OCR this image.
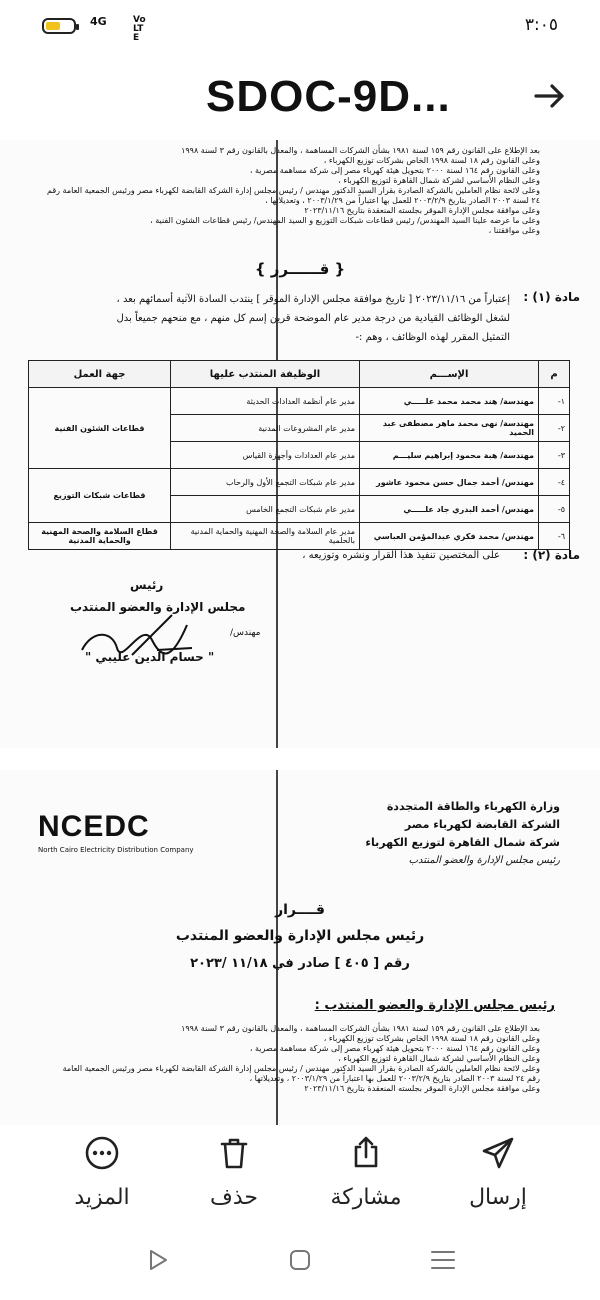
4G	Vo LTE
٣:٠٥
SDOC-9D...
بعد الإطلاع على القانون رقم ١٥٩ لسنة ١٩٨١ بشأن الشركات المساهمة ، والمعدل بالقانون رقم ٣ لسنة ١٩٩٨
وعلى القانون رقم ١٨ لسنة ١٩٩٨ الخاص بشركات توزيع الكهرباء ،
وعلى القانون رقم ١٦٤ لسنة ٢٠٠٠ بتحويل هيئة كهرباء مصر إلى شركة مساهمة مصرية ،
وعلى النظام الأساسي لشركة شمال القاهرة لتوزيع الكهرباء ،
وعلى لائحة نظام العاملين بالشركة الصادرة بقرار السيد الدكتور مهندس / رئيس مجلس إدارة الشركة القابضة لكهرباء مصر ورئيس الجمعية العامة رقم ٢٤ لسنة ٢٠٠٣ الصادر بتاريخ ٢٠٠٣/٢/٩ للعمل بها اعتباراً من ٢٠٠٣/١/٢٩ ، وتعديلاتها ،
وعلى موافقة مجلس الإدارة الموقر بجلسته المنعقدة بتاريخ ٢٠٢٣/١١/١٦
وعلى ما عرضه علينا السيد المهندس/ رئيس قطاعات شبكات التوزيع و السيد المهندس/ رئيس قطاعات الشئون الفنية ،
وعلى موافقتنا ،
{ قــــــرر }
مادة (١) :
إعتباراً من ٢٠٢٣/١١/١٦ [ تاريخ موافقة مجلس الإدارة الموقر ] ينتدب السادة الآتية أسمائهم بعد ، لشغل الوظائف القيادية من درجة مدير عام الموضحة قرين إسم كل منهم ، مع منحهم جميعاً بدل التمثيل المقرر لهذه الوظائف ، وهم :-
م	الإســـم	الوظيفة المنتدب عليها	جهة العمل
١-	مهندسة/ هند محمد محمد علـــــي	مدير عام أنظمة العدادات الحديثة	قطاعات الشئون الفنية
٢-	مهندسة/ نهى محمد ماهر مصطفى عبد الحميد	مدير عام المشروعات المدنية	
٣-	مهندسة/ هبة محمود إبراهيم سليـــم	مدير عام العدادات وأجهزة القياس	
٤-	مهندس/ أحمد جمال حسن محمود عاشور	مدير عام شبكات التجمع الأول والرحاب	قطاعات شبكات التوزيع
٥-	مهندس/ أحمد البدري جاد علـــــي	مدير عام شبكات التجمع الخامس	
٦-	مهندس/ محمد فكري عبدالمؤمن العباسي	مدير عام السلامة والصحة المهنية والحماية المدنية بالحلمية	قطاع السلامة والصحة المهنية والحماية المدنية
مادة (٢) :
على المختصين تنفيذ هذا القرار ونشره وتوزيعه ،
رئيس
مجلس الإدارة والعضو المنتدب
مهندس/
" حسام الدين عليبي "
NCEDC
North Cairo Electricity Distribution Company
وزارة الكهرباء والطاقة المتجددة
الشركة القابضة لكهرباء مصر
شركة شمال القاهرة لتوزيع الكهرباء
رئيس مجلس الإدارة والعضو المنتدب
قــــرار
رئيس مجلس الإدارة والعضو المنتدب
رقم [ ٤٠٥ ] صادر في ١١/١٨ /٢٠٢٣
رئيس مجلس الإدارة والعضو المنتدب :
بعد الإطلاع على القانون رقم ١٥٩ لسنة ١٩٨١ بشأن الشركات المساهمة ، والمعدل بالقانون رقم ٣ لسنة ١٩٩٨
وعلى القانون رقم ١٨ لسنة ١٩٩٨ الخاص بشركات توزيع الكهرباء ،
وعلى القانون رقم ١٦٤ لسنة ٢٠٠٠ بتحويل هيئة كهرباء مصر إلى شركة مساهمة مصرية ،
وعلى النظام الأساسي لشركة شمال القاهرة لتوزيع الكهرباء ،
وعلى لائحة نظام العاملين بالشركة الصادرة بقرار السيد الدكتور مهندس / رئيس مجلس إدارة الشركة القابضة لكهرباء مصر ورئيس الجمعية العامة رقم ٢٤ لسنة ٢٠٠٣ الصادر بتاريخ ٢٠٠٣/٢/٩ للعمل بها اعتباراً من ٢٠٠٣/١/٢٩ ، وتعديلاتها ،
وعلى موافقة مجلس الإدارة الموقر بجلسته المنعقدة بتاريخ ٢٠٢٣/١١/١٦
المزيد	حذف	مشاركة	إرسال
